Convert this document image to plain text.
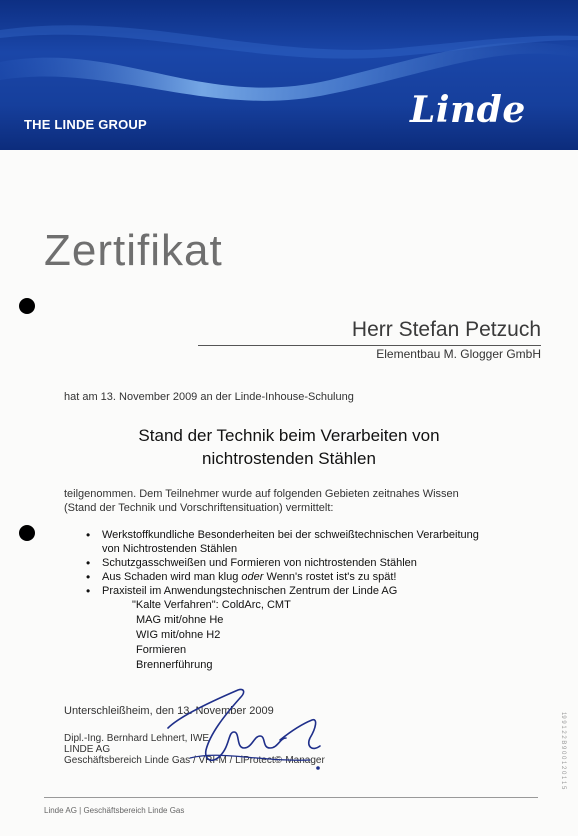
THE LINDE GROUP	Linde
Zertifikat
Herr Stefan Petzuch
Elementbau M. Glogger GmbH
hat am 13. November 2009 an der Linde-Inhouse-Schulung
Stand der Technik beim Verarbeiten von
nichtrostenden Stählen
teilgenommen. Dem Teilnehmer wurde auf folgenden Gebieten zeitnahes Wissen
(Stand der Technik und Vorschriftensituation) vermittelt:
• Werkstoffkundliche Besonderheiten bei der schweißtechnischen Verarbeitung
von Nichtrostenden Stählen
• Schutzgasschweißen und Formieren von nichtrostenden Stählen
• Aus Schaden wird man klug oder Wenn's rostet ist's zu spät!
• Praxisteil im Anwendungstechnischen Zentrum der Linde AG
"Kalte Verfahren": ColdArc, CMT
MAG mit/ohne He
WIG mit/ohne H2
Formieren
Brennerführung
Unterschleißheim, den 13. November 2009
Dipl.-Ing. Bernhard Lehnert, IWE
LINDE AG
Geschäftsbereich Linde Gas / VRI-M / LiProtect©-Manager
Linde AG | Geschäftsbereich Linde Gas
19 9 1 2 2 B 9 0 0 1 2 0 1 1 5
